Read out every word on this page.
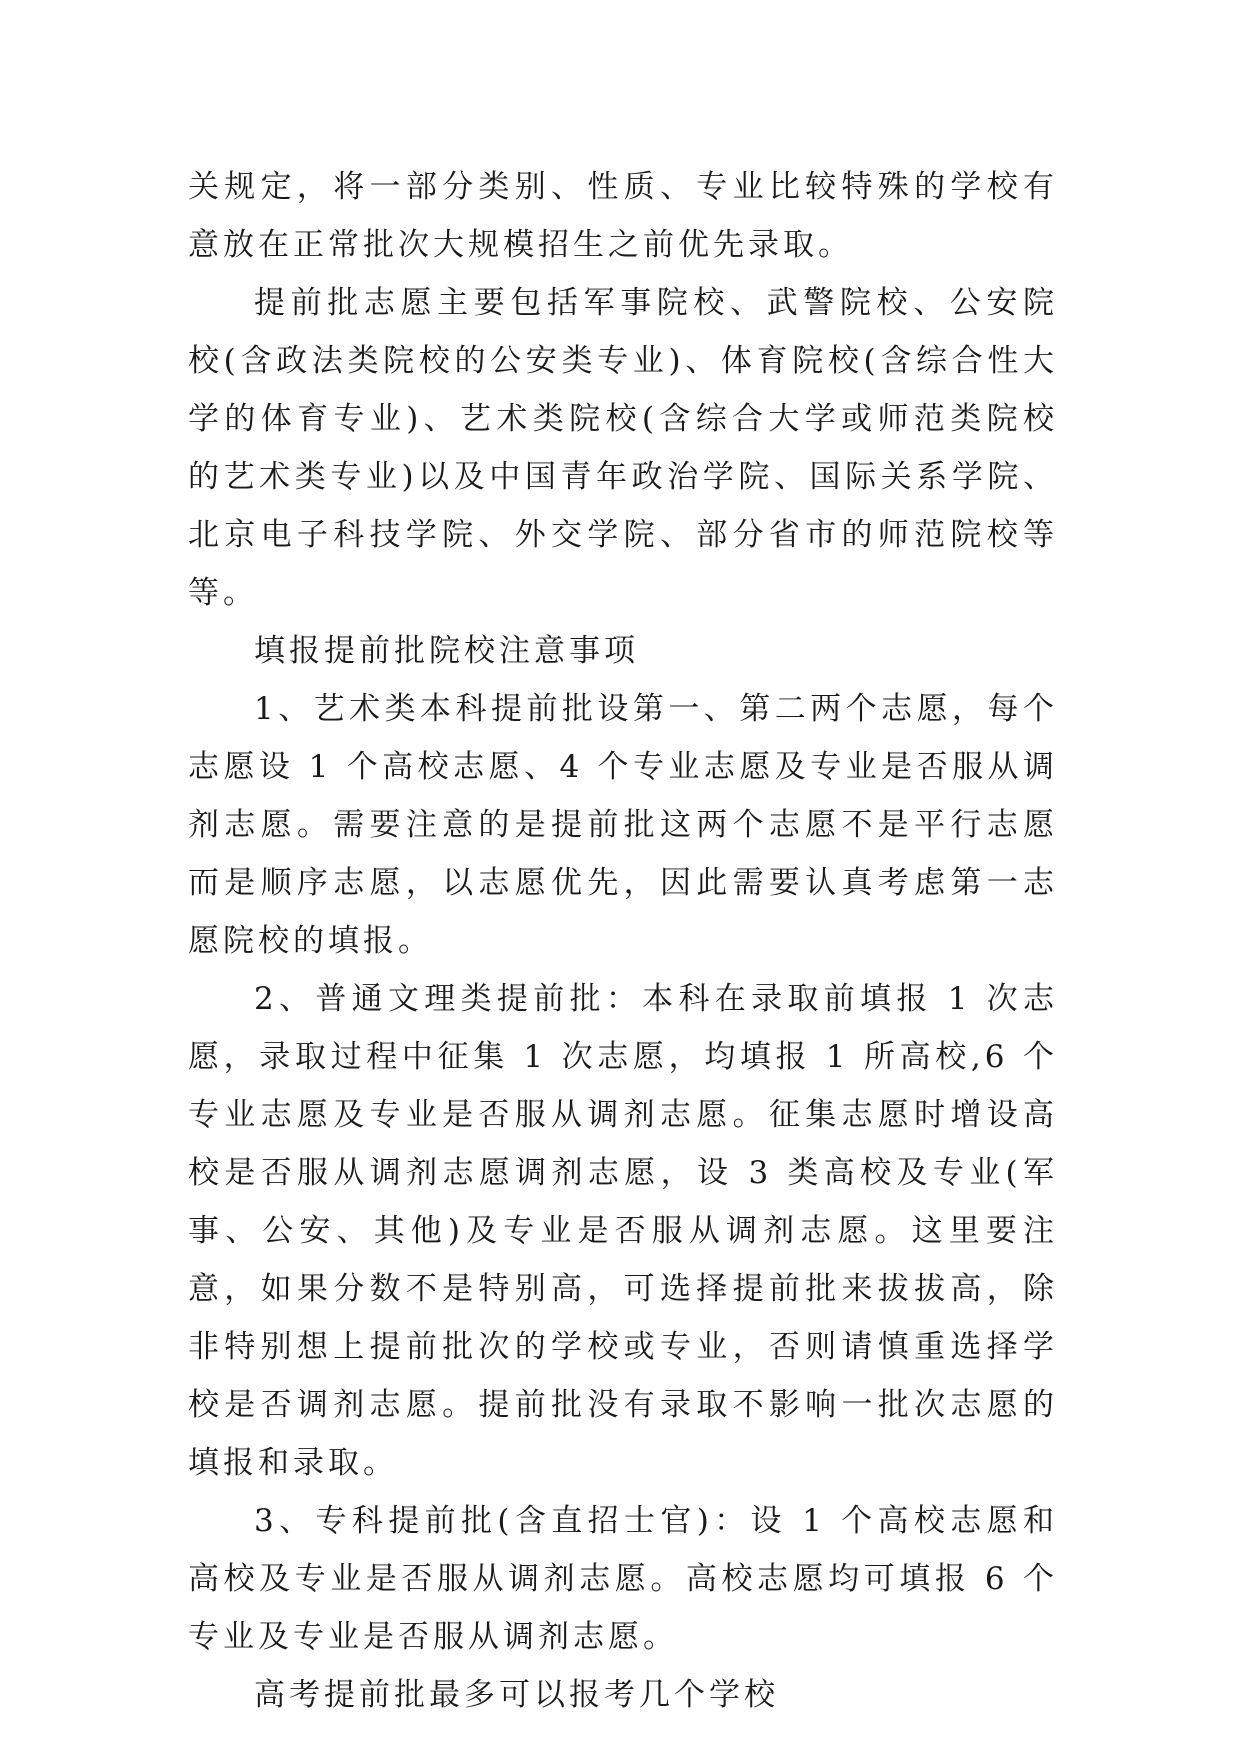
关规定，将一部分类别、性质、专业比较特殊的学校有意放在正常批次大规模招生之前优先录取。

提前批志愿主要包括军事院校、武警院校、公安院校(含政法类院校的公安类专业)、体育院校(含综合性大学的体育专业)、艺术类院校(含综合大学或师范类院校的艺术类专业)以及中国青年政治学院、国际关系学院、北京电子科技学院、外交学院、部分省市的师范院校等等。

填报提前批院校注意事项

1、艺术类本科提前批设第一、第二两个志愿，每个志愿设 1 个高校志愿、4 个专业志愿及专业是否服从调剂志愿。需要注意的是提前批这两个志愿不是平行志愿而是顺序志愿，以志愿优先，因此需要认真考虑第一志愿院校的填报。

2、普通文理类提前批：本科在录取前填报 1 次志愿，录取过程中征集 1 次志愿，均填报 1 所高校,6 个专业志愿及专业是否服从调剂志愿。征集志愿时增设高校是否服从调剂志愿调剂志愿，设 3 类高校及专业(军事、公安、其他)及专业是否服从调剂志愿。这里要注意，如果分数不是特别高，可选择提前批来拔拔高，除非特别想上提前批次的学校或专业，否则请慎重选择学校是否调剂志愿。提前批没有录取不影响一批次志愿的填报和录取。

3、专科提前批(含直招士官)：设 1 个高校志愿和高校及专业是否服从调剂志愿。高校志愿均可填报 6 个专业及专业是否服从调剂志愿。

高考提前批最多可以报考几个学校
